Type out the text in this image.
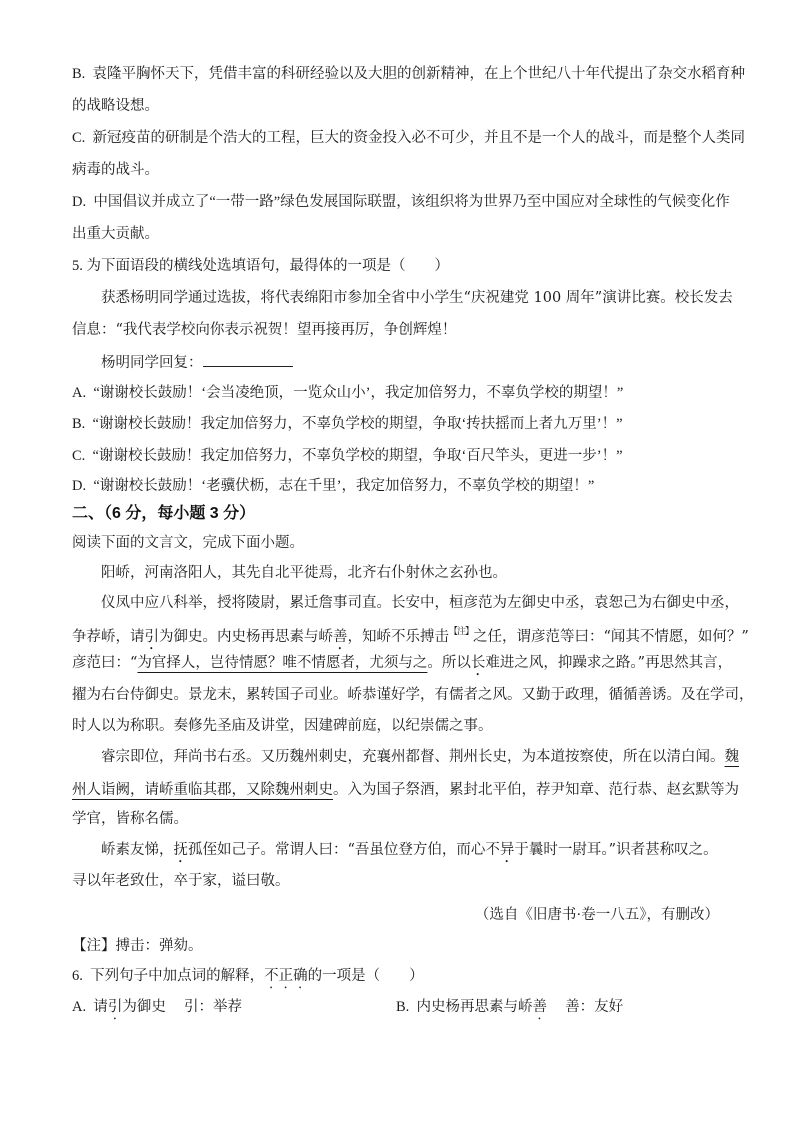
B.  袁隆平胸怀天下，凭借丰富的科研经验以及大胆的创新精神，在上个世纪八十年代提出了杂交水稻育种
的战略设想。
C.  新冠疫苗的研制是个浩大的工程，巨大的资金投入必不可少，并且不是一个人的战斗，而是整个人类同
病毒的战斗。
D.  中国倡议并成立了“一带一路”绿色发展国际联盟，该组织将为世界乃至中国应对全球性的气候变化作
出重大贡献。
5. 为下面语段的横线处选填语句，最得体的一项是（　　）
获悉杨明同学通过选拔，将代表绵阳市参加全省中小学生“庆祝建党 100 周年”演讲比赛。校长发去
信息：“我代表学校向你表示祝贺！望再接再厉，争创辉煌！
杨明同学回复：
A.  “谢谢校长鼓励！‘会当凌绝顶，一览众山小’，我定加倍努力，不辜负学校的期望！”
B.  “谢谢校长鼓励！我定加倍努力，不辜负学校的期望，争取‘抟扶摇而上者九万里’！”
C.  “谢谢校长鼓励！我定加倍努力，不辜负学校的期望，争取‘百尺竿头，更进一步’！”
D.  “谢谢校长鼓励！‘老骥伏枥，志在千里’，我定加倍努力，不辜负学校的期望！”
二、（6 分，每小题 3 分）
阅读下面的文言文，完成下面小题。
阳峤，河南洛阳人，其先自北平徙焉，北齐右仆射休之玄孙也。
仪凤中应八科举，授将陵尉，累迁詹事司直。长安中，桓彦范为左御史中丞，袁恕己为右御史中丞，
争荐峤，请引为御史。内史杨再思素与峤善，知峤不乐搏击$^{【注】}$之任，谓彦范等曰：“闻其不情愿，如何？”
彦范曰：“为官择人，岂待情愿？唯不情愿者，尤须与之。所以长难进之风，抑躁求之路。”再思然其言，
擢为右台侍御史。景龙末，累转国子司业。峤恭谨好学，有儒者之风。又勤于政理，循循善诱。及在学司，
时人以为称职。奏修先圣庙及讲堂，因建碑前庭，以纪崇儒之事。
睿宗即位，拜尚书右丞。又历魏州刺史，充襄州都督、荆州长史，为本道按察使，所在以清白闻。魏
州人诣阙，请峤重临其郡，又除魏州刺史。入为国子祭酒，累封北平伯，荐尹知章、范行恭、赵玄默等为
学官，皆称名儒。
峤素友悌，抚孤侄如己子。常谓人曰：“吾虽位登方伯，而心不异于曩时一尉耳。”识者甚称叹之。
寻以年老致仕，卒于家，谥曰敬。
（选自《旧唐书·卷一八五》，有删改）
【注】搏击：弹劾。
6.  下列句子中加点词的解释，不正确的一项是（　　）
A.  请引为御史　 引：举荐	B.  内史杨再思素与峤善　 善：友好
